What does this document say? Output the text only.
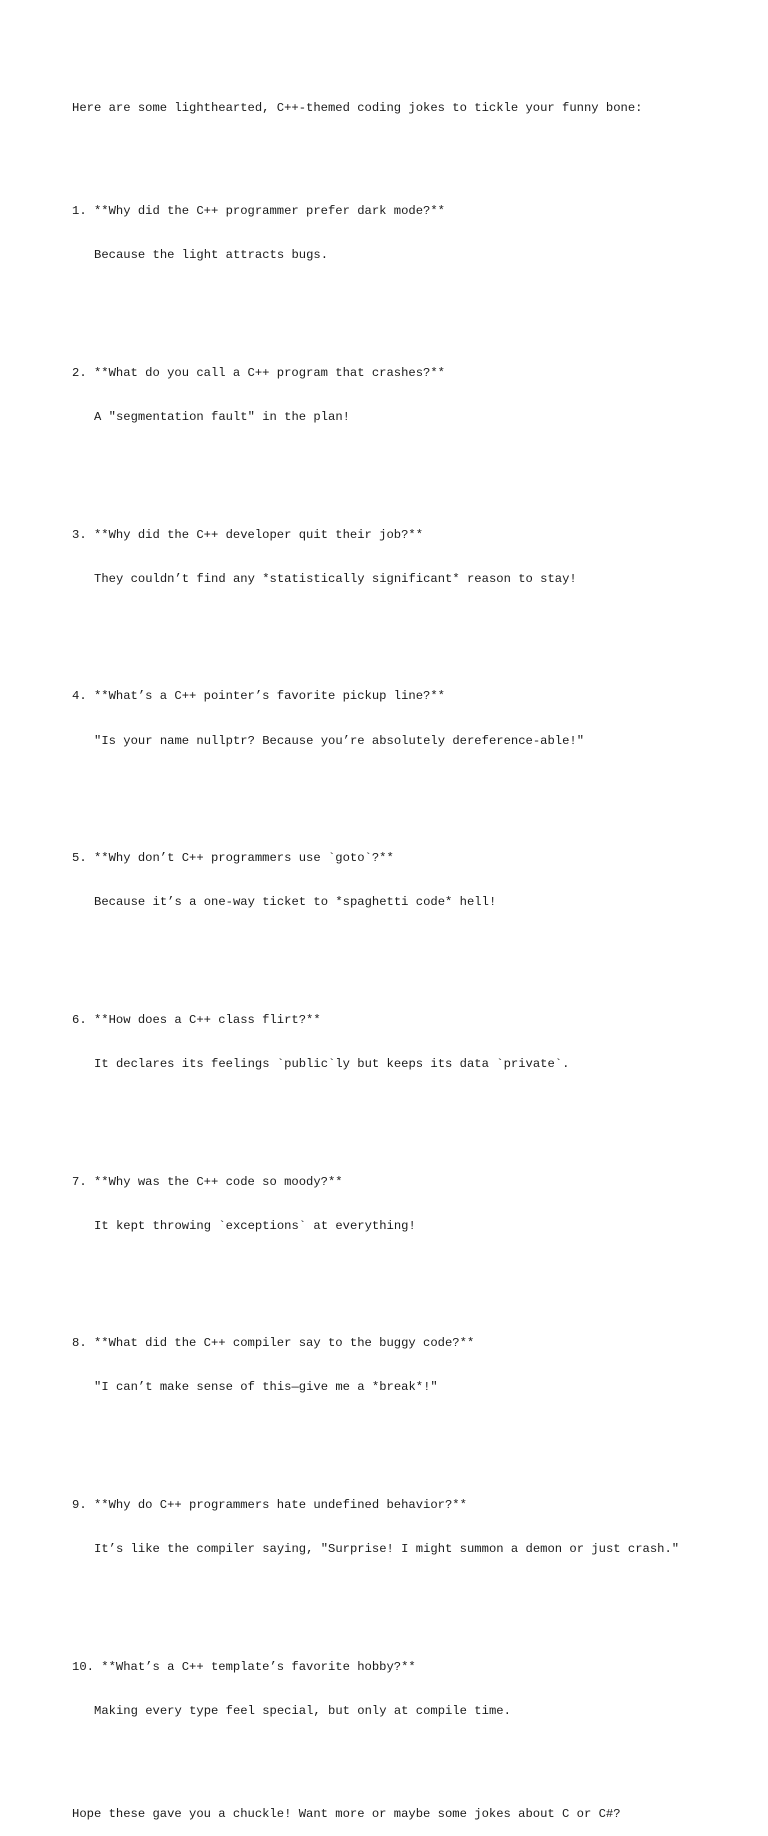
Here are some lighthearted, C++-themed coding jokes to tickle your funny bone:

1. **Why did the C++ programmer prefer dark mode?**

Because the light attracts bugs.

2. **What do you call a C++ program that crashes?**

A "segmentation fault" in the plan!

3. **Why did the C++ developer quit their job?**

They couldn’t find any *statistically significant* reason to stay!

4. **What’s a C++ pointer’s favorite pickup line?**

"Is your name nullptr? Because you’re absolutely dereference-able!"

5. **Why don’t C++ programmers use `goto`?**

Because it’s a one-way ticket to *spaghetti code* hell!

6. **How does a C++ class flirt?**

It declares its feelings `public`ly but keeps its data `private`.

7. **Why was the C++ code so moody?**

It kept throwing `exceptions` at everything!

8. **What did the C++ compiler say to the buggy code?**

"I can’t make sense of this—give me a *break*!"

9. **Why do C++ programmers hate undefined behavior?**

It’s like the compiler saying, "Surprise! I might summon a demon or just crash."

10. **What’s a C++ template’s favorite hobby?**

Making every type feel special, but only at compile time.

Hope these gave you a chuckle! Want more or maybe some jokes about C or C#?
